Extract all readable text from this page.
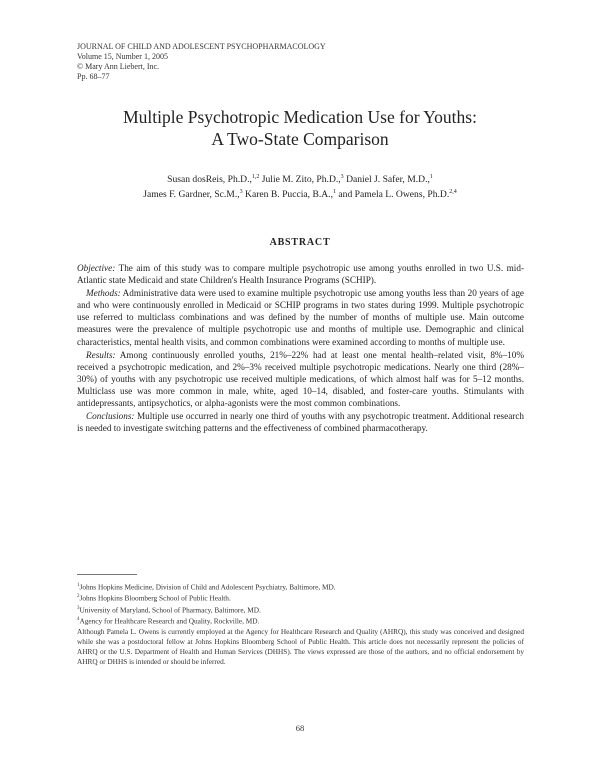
JOURNAL OF CHILD AND ADOLESCENT PSYCHOPHARMACOLOGY
Volume 15, Number 1, 2005
© Mary Ann Liebert, Inc.
Pp. 68–77
Multiple Psychotropic Medication Use for Youths:
A Two-State Comparison
Susan dosReis, Ph.D.,$^{1,2}$ Julie M. Zito, Ph.D.,$^3$ Daniel J. Safer, M.D.,$^1$
James F. Gardner, Sc.M.,$^3$ Karen B. Puccia, B.A.,$^1$ and Pamela L. Owens, Ph.D.$^{2,4}$
ABSTRACT

Objective: The aim of this study was to compare multiple psychotropic use among youths enrolled in two U.S. mid-Atlantic state Medicaid and state Children's Health Insurance Programs (SCHIP).

Methods: Administrative data were used to examine multiple psychotropic use among youths less than 20 years of age and who were continuously enrolled in Medicaid or SCHIP programs in two states during 1999. Multiple psychotropic use referred to multiclass combinations and was defined by the number of months of multiple use. Main outcome measures were the prevalence of multiple psychotropic use and months of multiple use. Demographic and clinical characteristics, mental health visits, and common combinations were examined according to months of multiple use.

Results: Among continuously enrolled youths, 21%–22% had at least one mental health–related visit, 8%–10% received a psychotropic medication, and 2%–3% received multiple psychotropic medications. Nearly one third (28%–30%) of youths with any psychotropic use received multiple medications, of which almost half was for 5–12 months. Multiclass use was more common in male, white, aged 10–14, disabled, and foster-care youths. Stimulants with antidepressants, antipsychotics, or alpha-agonists were the most common combinations.

Conclusions: Multiple use occurred in nearly one third of youths with any psychotropic treatment. Additional research is needed to investigate switching patterns and the effectiveness of combined pharmacotherapy.

$^1$Johns Hopkins Medicine, Division of Child and Adolescent Psychiatry, Baltimore, MD.
$^2$Johns Hopkins Bloomberg School of Public Health.
$^3$University of Maryland, School of Pharmacy, Baltimore, MD.
$^4$Agency for Healthcare Research and Quality, Rockville, MD.
Although Pamela L. Owens is currently employed at the Agency for Healthcare Research and Quality (AHRQ), this study was conceived and designed while she was a postdoctoral fellow at Johns Hopkins Bloomberg School of Public Health. This article does not necessarily represent the policies of AHRQ or the U.S. Department of Health and Human Services (DHHS). The views expressed are those of the authors, and no official endorsement by AHRQ or DHHS is intended or should be inferred.
68
